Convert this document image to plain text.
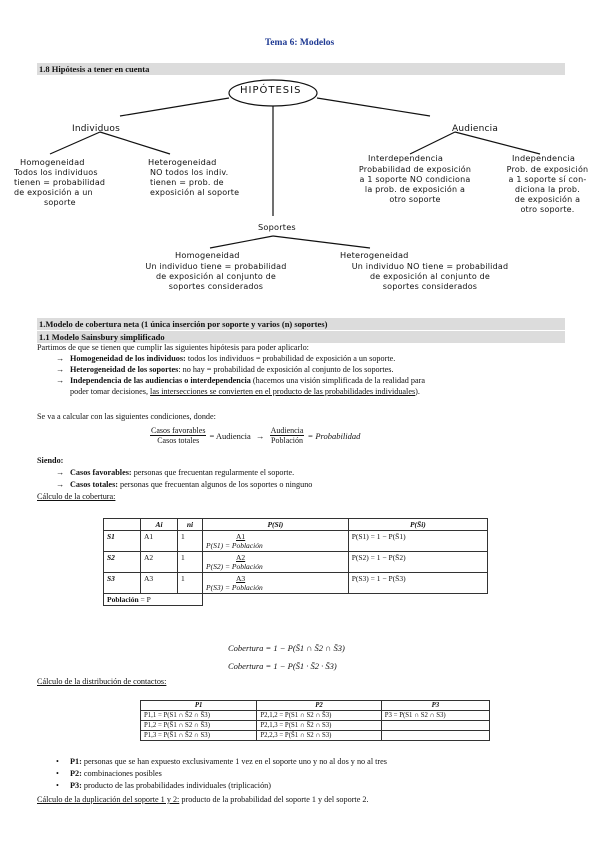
Tema 6: Modelos
1.8 Hipótesis a tener en cuenta
HIPÓTESIS
Individuos	Audiencia
Soportes
Homogeneidad
Todos los individuos
tienen = probabilidad
de exposición a un
soporte
Heterogeneidad
NO todos los indiv.
tienen = prob. de
exposición al soporte
Interdependencia
Probabilidad de exposición
a 1 soporte NO condiciona
la prob. de exposición a
otro soporte
Independencia
Prob. de exposición
a 1 soporte sí con-
diciona la prob.
de exposición a
otro soporte.
Homogeneidad
Un individuo tiene = probabilidad
de exposición al conjunto de
soportes considerados
Heterogeneidad
Un individuo NO tiene = probabilidad
de exposición al conjunto de
soportes considerados
1.Modelo de cobertura neta (1 única inserción por soporte y varios (n) soportes)
1.1 Modelo Sainsbury simplificado
Partimos de que se tienen que cumplir las siguientes hipótesis para poder aplicarlo:
→ Homogeneidad de los individuos: todos los individuos = probabilidad de exposición a un soporte.
→ Heterogeneidad de los soportes: no hay = probabilidad de exposición al conjunto de los soportes.
→ Independencia de las audiencias o interdependencia (hacemos una visión simplificada de la realidad para
poder tomar decisiones, las intersecciones se convierten en el producto de las probabilidades individuales).
Se va a calcular con las siguientes condiciones, donde:
$\frac{\text{Casos favorables}}{\text{Casos totales}}$ = Audiencia → $\frac{\text{Audiencia}}{\text{Población}}$ = Probabilidad
Siendo:
→ Casos favorables: personas que frecuentan regularmente el soporte.
→ Casos totales: personas que frecuentan algunos de los soportes o ninguno
Cálculo de la cobertura:
	Ai	ni	P(Si)	P(S̄i)
S1	A1	1	A1
P(S1) = Población	P(S1) = 1 − P(S̄1)
S2	A2	1	A2
P(S2) = Población	P(S2) = 1 − P(S̄2)
S3	A3	1	A3
P(S3) = Población	P(S3) = 1 − P(S̄3)
Población = P				
Cobertura = 1 − P(S̄1 ∩ S̄2 ∩ S̄3)
Cobertura = 1 − P(S̄1 · S̄2 · S̄3)
Cálculo de la distribución de contactos:
P1	P2	P3
P1,1 = P(S1 ∩ S̄2 ∩ S̄3)	P2,1,2 = P(S1 ∩ S2 ∩ S̄3)	P3 = P(S1 ∩ S2 ∩ S3)
P1,2 = P(S̄1 ∩ S2 ∩ S̄3)	P2,1,3 = P(S1 ∩ S̄2 ∩ S3)	
P1,3 = P(S̄1 ∩ S̄2 ∩ S3)	P2,2,3 = P(S̄1 ∩ S2 ∩ S3)	
• P1: personas que se han expuesto exclusivamente 1 vez en el soporte uno y no al dos y no al tres
• P2: combinaciones posibles
• P3: producto de las probabilidades individuales (triplicación)
Cálculo de la duplicación del soporte 1 y 2: producto de la probabilidad del soporte 1 y del soporte 2.
